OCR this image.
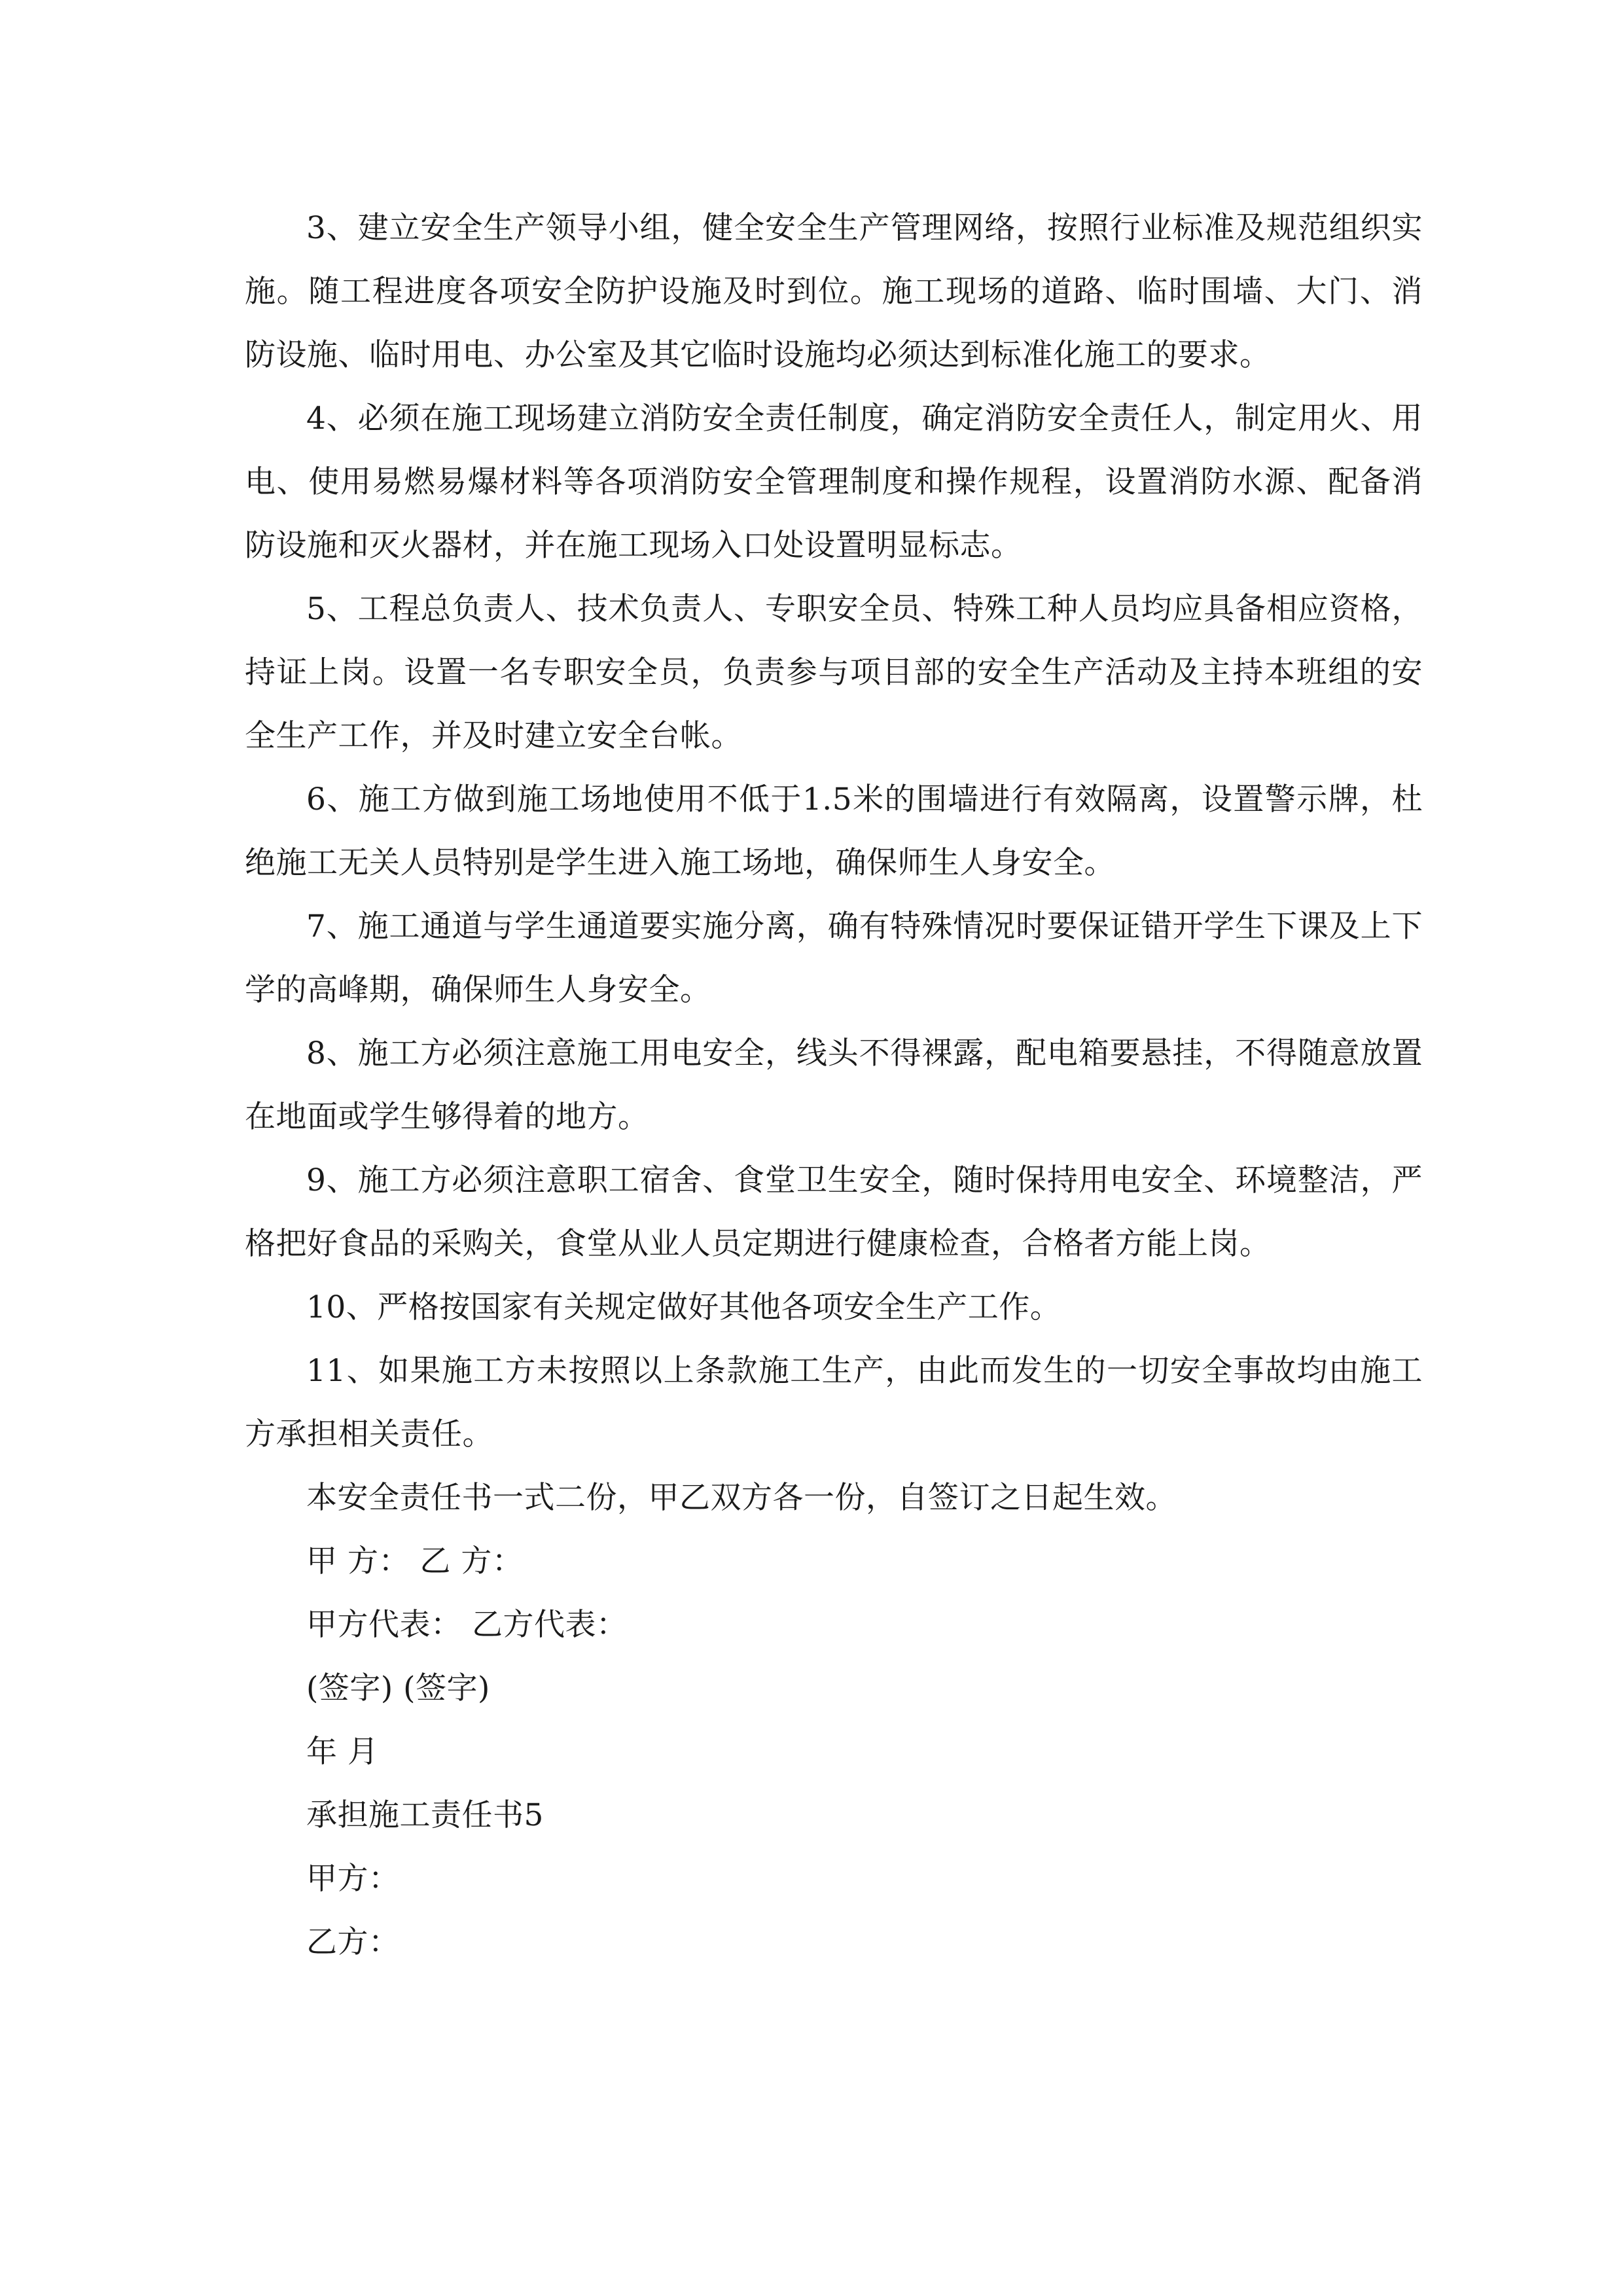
3、建立安全生产领导小组，健全安全生产管理网络，按照行业标准及规范组织实施。随工程进度各项安全防护设施及时到位。施工现场的道路、临时围墙、大门、消防设施、临时用电、办公室及其它临时设施均必须达到标准化施工的要求。

4、必须在施工现场建立消防安全责任制度，确定消防安全责任人，制定用火、用电、使用易燃易爆材料等各项消防安全管理制度和操作规程，设置消防水源、配备消防设施和灭火器材，并在施工现场入口处设置明显标志。

5、工程总负责人、技术负责人、专职安全员、特殊工种人员均应具备相应资格，持证上岗。设置一名专职安全员，负责参与项目部的安全生产活动及主持本班组的安全生产工作，并及时建立安全台帐。

6、施工方做到施工场地使用不低于1.5米的围墙进行有效隔离，设置警示牌，杜绝施工无关人员特别是学生进入施工场地，确保师生人身安全。

7、施工通道与学生通道要实施分离，确有特殊情况时要保证错开学生下课及上下学的高峰期，确保师生人身安全。

8、施工方必须注意施工用电安全，线头不得裸露，配电箱要悬挂，不得随意放置在地面或学生够得着的地方。

9、施工方必须注意职工宿舍、食堂卫生安全，随时保持用电安全、环境整洁，严格把好食品的采购关，食堂从业人员定期进行健康检查，合格者方能上岗。

10、严格按国家有关规定做好其他各项安全生产工作。

11、如果施工方未按照以上条款施工生产，由此而发生的一切安全事故均由施工方承担相关责任。

本安全责任书一式二份，甲乙双方各一份，自签订之日起生效。

甲 方： 乙 方：

甲方代表： 乙方代表：

(签字) (签字)

年 月

承担施工责任书5

甲方：

乙方：
